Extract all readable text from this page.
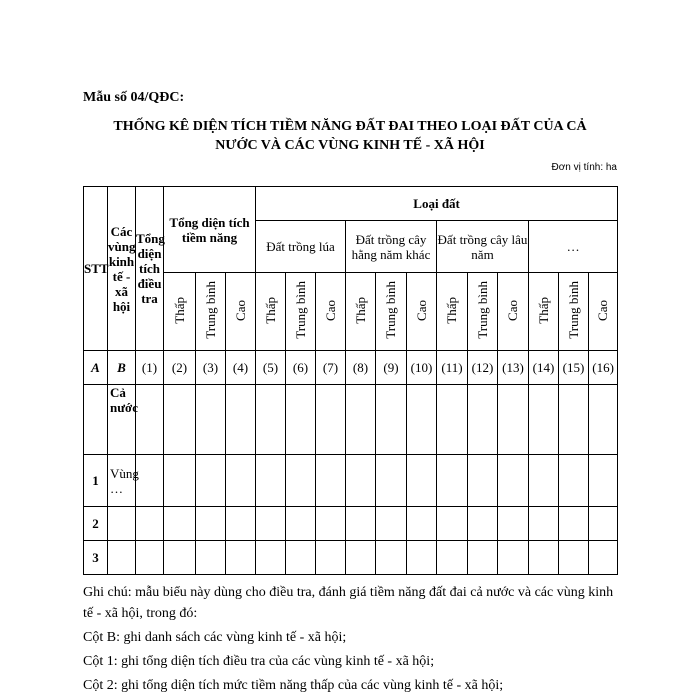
Mẫu số 04/QĐC:
THỐNG KÊ DIỆN TÍCH TIỀM NĂNG ĐẤT ĐAI THEO LOẠI ĐẤT CỦA CẢ
NƯỚC VÀ CÁC VÙNG KINH TẾ - XÃ HỘI
Đơn vị tính: ha
STT	Các vùng kinh tế - xã hội	Tổng diện tích điều tra	Tổng diện tích tiềm năng			Loại đất											
						Đất trồng lúa			Đất trồng cây hằng năm khác			Đất trồng cây lâu năm			…		
			Thấp	Trung bình	Cao	Thấp	Trung bình	Cao	Thấp	Trung bình	Cao	Thấp	Trung bình	Cao	Thấp	Trung bình	Cao
A	B	(1)	(2)	(3)	(4)	(5)	(6)	(7)	(8)	(9)	(10)	(11)	(12)	(13)	(14)	(15)	(16)
	Cả nước																
1	Vùng …																
2																	
3																	

Ghi chú: mẫu biểu này dùng cho điều tra, đánh giá tiềm năng đất đai cả nước và các vùng kinh tế - xã hội, trong đó:

Cột B: ghi danh sách các vùng kinh tế - xã hội;

Cột 1: ghi tổng diện tích điều tra của các vùng kinh tế - xã hội;

Cột 2: ghi tổng diện tích mức tiềm năng thấp của các vùng kinh tế - xã hội;
